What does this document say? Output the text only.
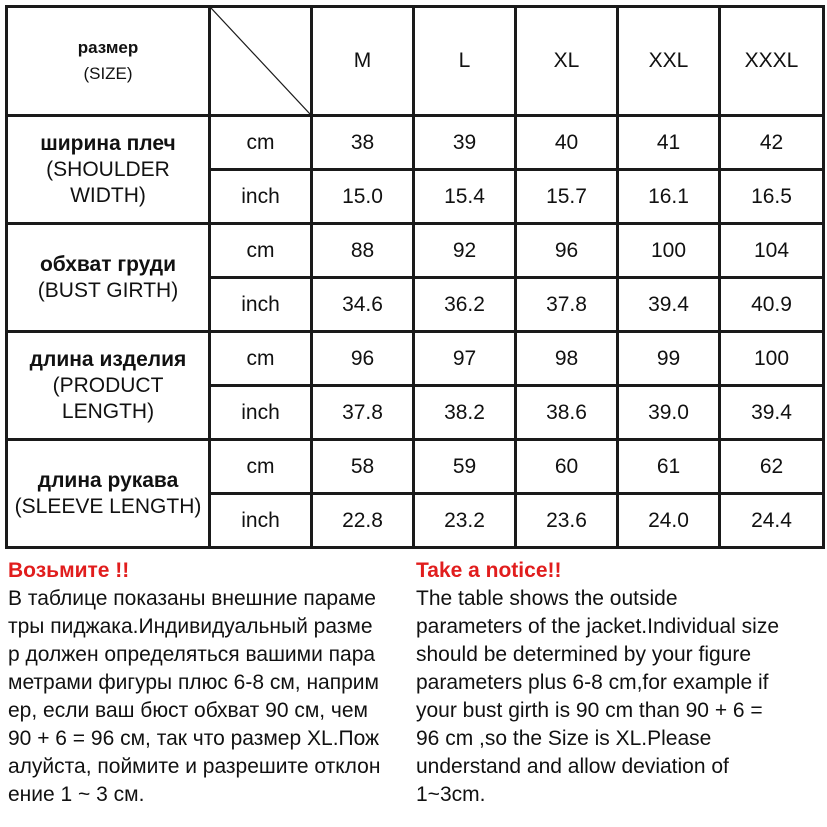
размер
(SIZE)		M	L	XL	XXL	XXXL

ширина плеч
(SHOULDER WIDTH)	cm	38	39	40	41	42
	inch	15.0	15.4	15.7	16.1	16.5

обхват груди
(BUST GIRTH)	cm	88	92	96	100	104
	inch	34.6	36.2	37.8	39.4	40.9

длина изделия
(PRODUCT LENGTH)	cm	96	97	98	99	100
	inch	37.8	38.2	38.6	39.0	39.4

длина рукава
(SLEEVE LENGTH)	cm	58	59	60	61	62
	inch	22.8	23.2	23.6	24.0	24.4
Возьмите !!
В таблице показаны внешние параме
тры пиджака.Индивидуальный разме
р должен определяться вашими пара
метрами фигуры плюс 6-8 см, наприм
ер, если ваш бюст обхват 90 см, чем
90 + 6 = 96 см, так что размер XL.Пож
алуйста, поймите и разрешите отклон
ение 1 ~ 3 см.
Take a notice!!
The table shows the outside
parameters of the jacket.Individual size
should be determined by your figure
parameters plus 6-8 cm,for example if
your bust girth is 90 cm than 90 + 6 =
96 cm ,so the Size is XL.Please
understand and allow deviation of
1~3cm.
